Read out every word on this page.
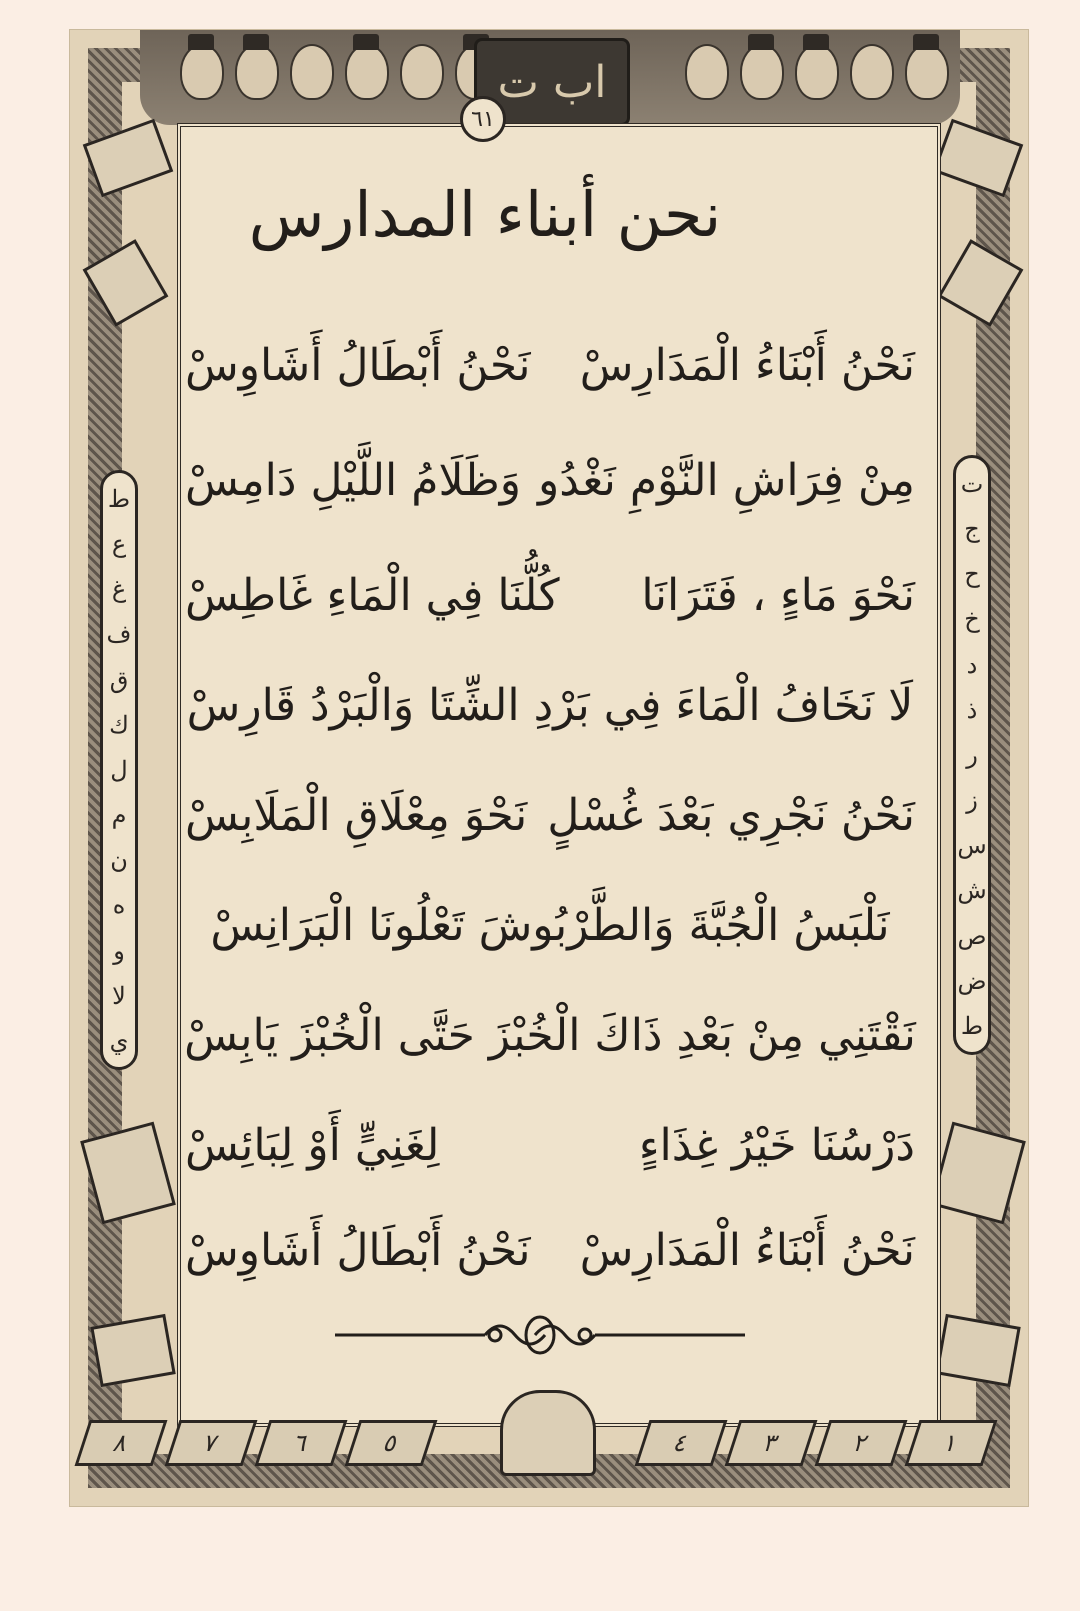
اب ت
٦١
نحن أبناء المدارس
نَحْنُ أَبْنَاءُ الْمَدَارِسْ
نَحْنُ أَبْطَالُ أَشَاوِسْ
مِنْ فِرَاشِ النَّوْمِ نَغْدُو
وَظَلَامُ اللَّيْلِ دَامِسْ
نَحْوَ مَاءٍ ، فَتَرَانَا
كُلُّنَا فِي الْمَاءِ غَاطِسْ
لَا نَخَافُ الْمَاءَ فِي بَرْدِ الشِّتَا وَالْبَرْدُ قَارِسْ
نَحْنُ نَجْرِي بَعْدَ غُسْلٍ
نَحْوَ مِعْلَاقِ الْمَلَابِسْ
نَلْبَسُ الْجُبَّةَ وَالطَّرْبُوشَ تَعْلُونَا الْبَرَانِسْ
نَقْتَنِي مِنْ بَعْدِ ذَاكَ الْخُبْزَ حَتَّى الْخُبْزَ يَابِسْ
دَرْسُنَا خَيْرُ غِذَاءٍ
لِغَنِيٍّ أَوْ لِبَائِسْ
نَحْنُ أَبْنَاءُ الْمَدَارِسْ
نَحْنُ أَبْطَالُ أَشَاوِسْ
ت
ج
ح
خ
د
ذ
ر
ز
س
ش
ص
ض
ط
ط
ع
غ
ف
ق
ك
ل
م
ن
ه
و
لا
ي
١
٢
٣
٤
٥
٦
٧
٨
